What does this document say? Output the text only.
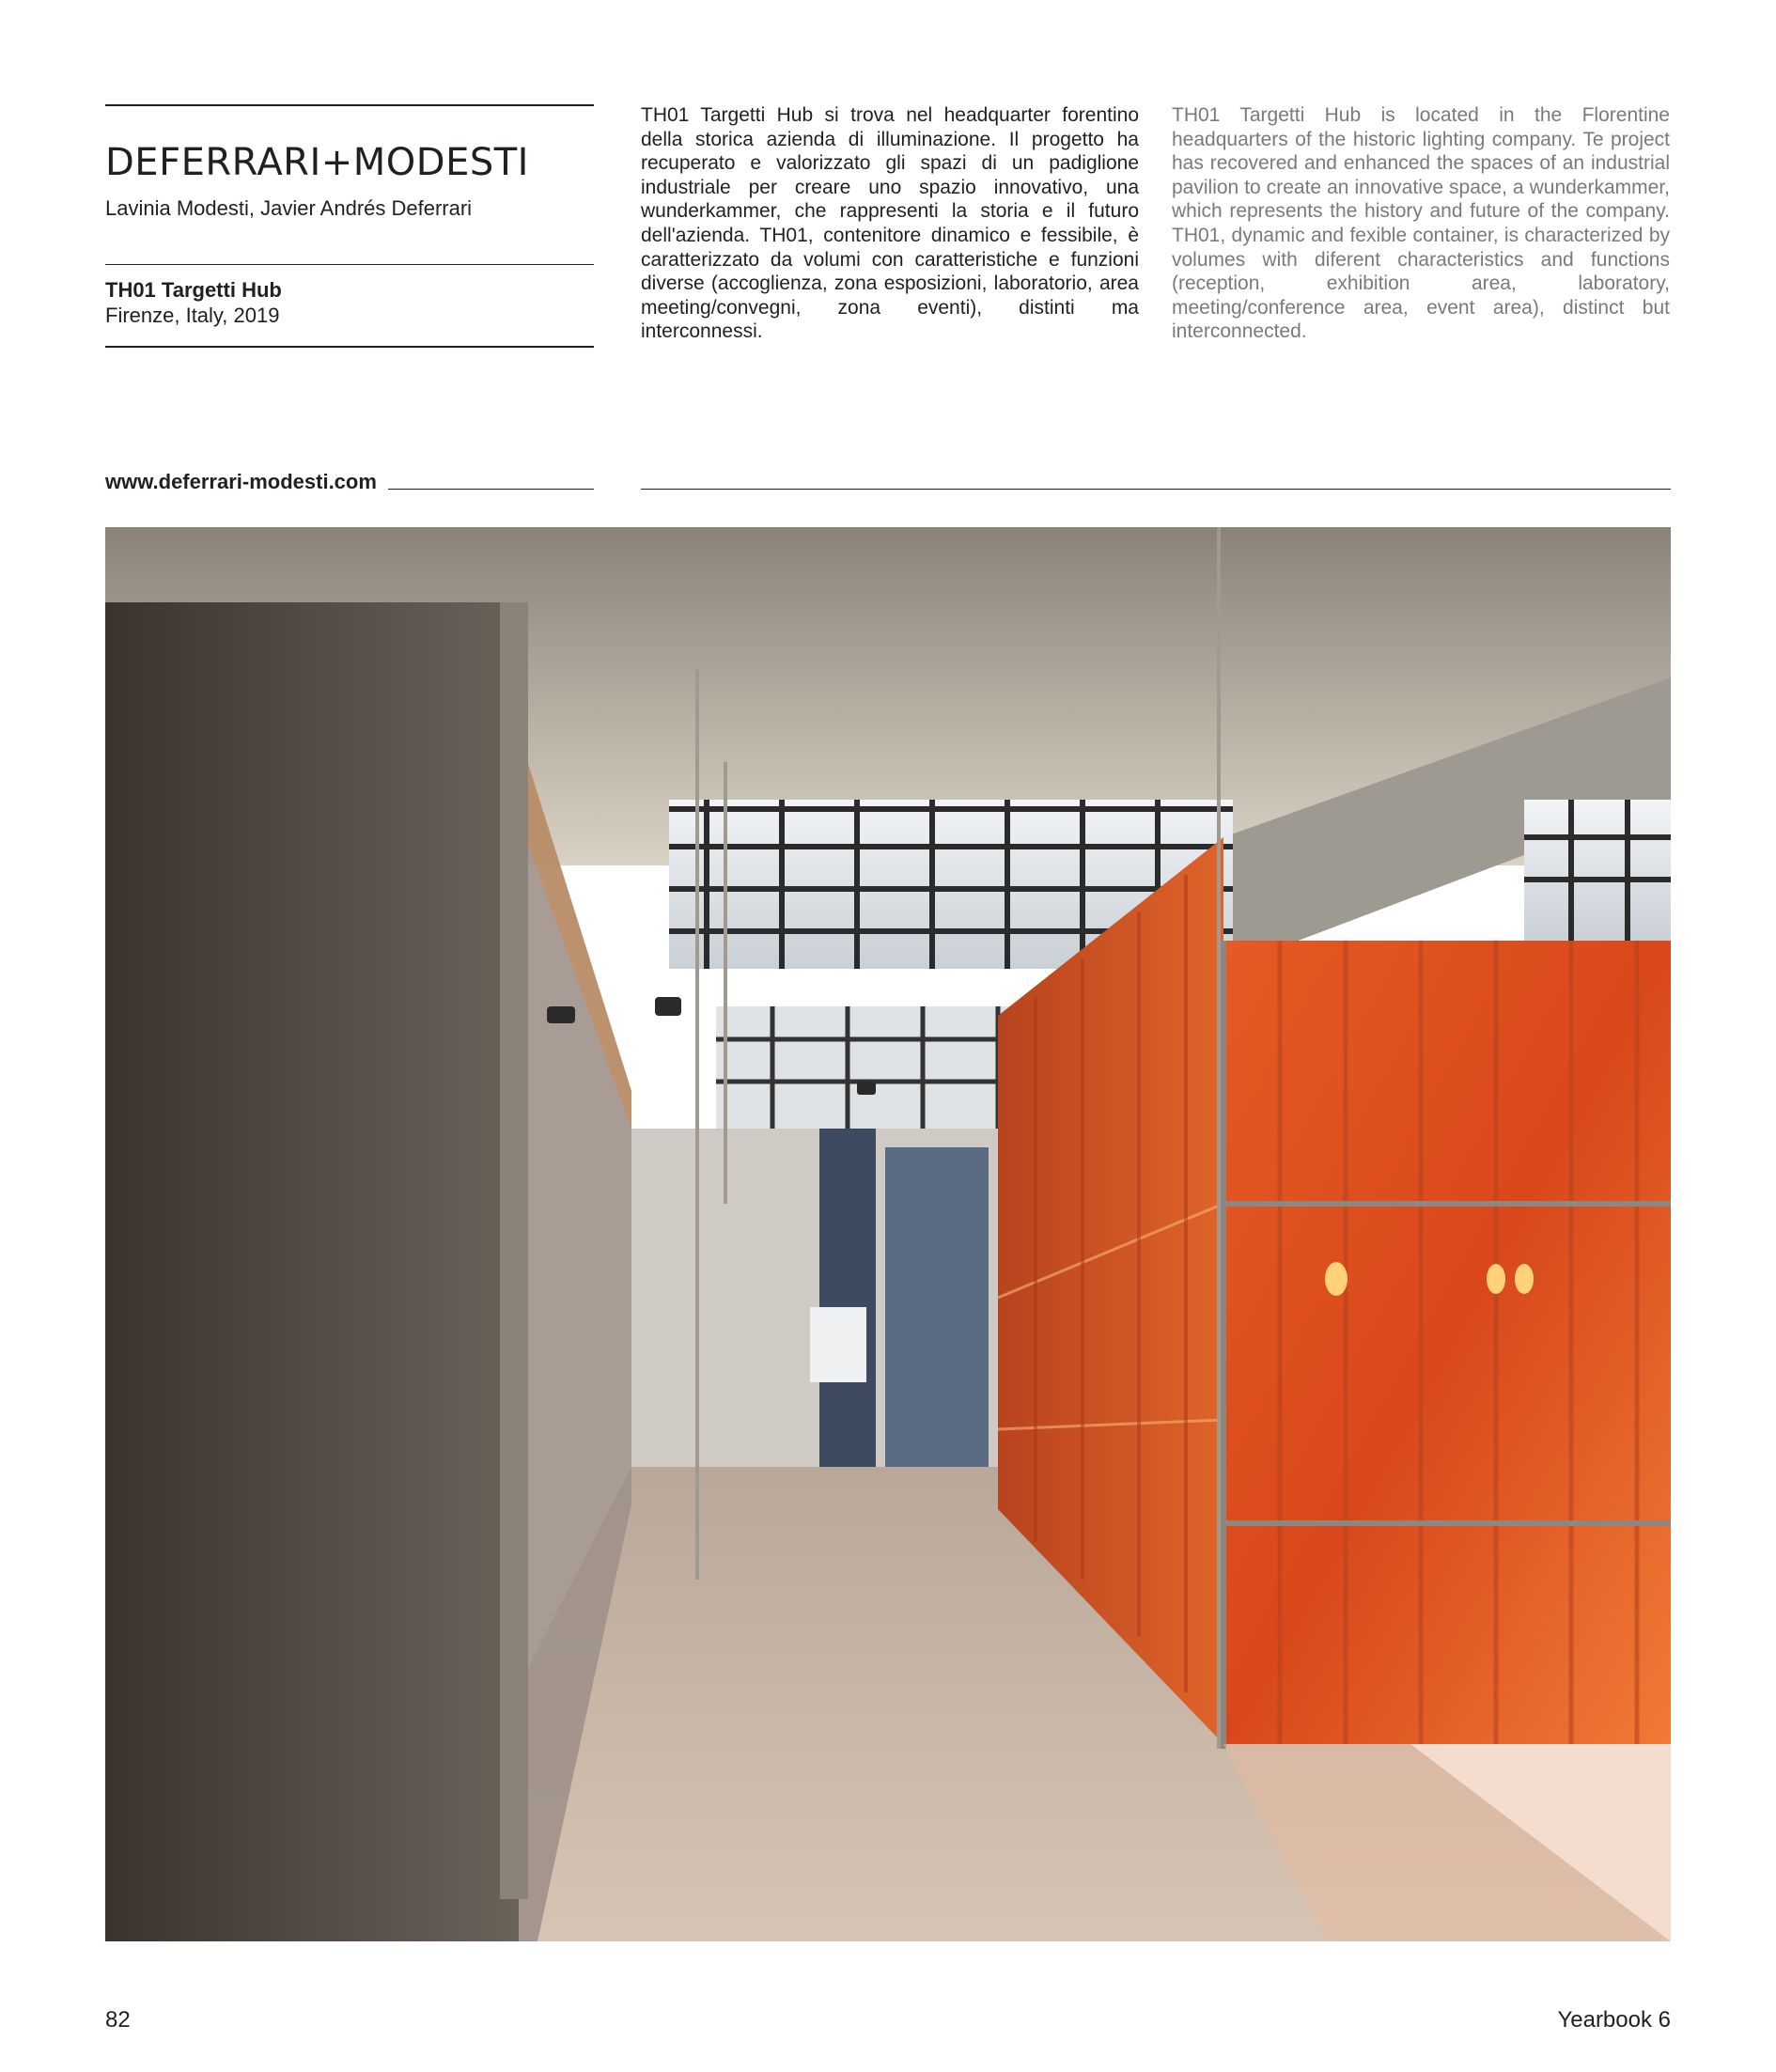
DEFERRARI+MODESTI
Lavinia Modesti, Javier Andrés Deferrari
TH01 Targetti Hub
Firenze, Italy, 2019

TH01 Targetti Hub si trova nel headquarter forentino della storica azienda di illuminazione. Il progetto ha recuperato e valorizzato gli spazi di un padiglione industriale per creare uno spazio innovativo, una wunderkammer, che rappresenti la storia e il futuro dell'azienda. TH01, contenitore dinamico e fessibile, è caratterizzato da volumi con caratteristiche e funzioni diverse (accoglienza, zona esposizioni, laboratorio, area meeting/convegni, zona eventi), distinti ma interconnessi.

TH01 Targetti Hub is located in the Florentine headquarters of the historic lighting company. Te project has recovered and enhanced the spaces of an industrial pavilion to create an innovative space, a wunderkammer, which represents the history and future of the company. TH01, dynamic and fexible container, is characterized by volumes with diferent characteristics and functions (reception, exhibition area, laboratory, meeting/conference area, event area), distinct but interconnected.

www.deferrari-modesti.com
82	Yearbook 6
